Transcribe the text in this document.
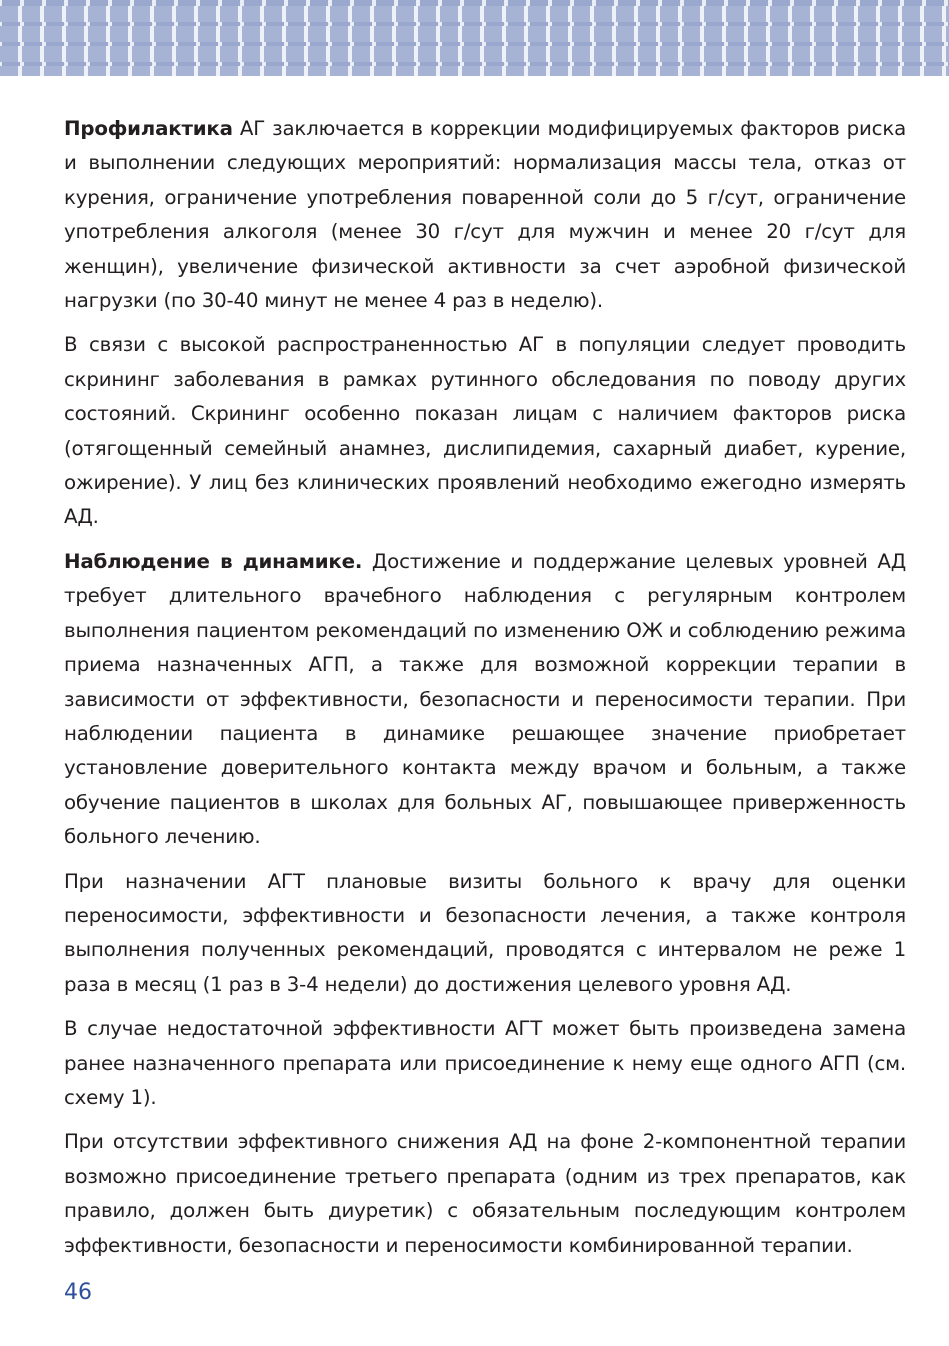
Профилактика АГ заключается в коррекции модифицируемых факторов риска и выполнении следующих мероприятий: нормализация массы тела, отказ от курения, ограничение употребления поваренной соли до 5 г/сут, ограничение употребления алкоголя (менее 30 г/сут для мужчин и менее 20 г/сут для женщин), увеличение физической активности за счет аэробной физической нагрузки (по 30-40 минут не менее 4 раз в неделю).

В связи с высокой распространенностью АГ в популяции следует проводить скрининг заболевания в рамках рутинного обследования по поводу других состояний. Скрининг особенно показан лицам с наличием факторов риска (отягощенный семейный анамнез, дислипидемия, сахарный диабет, курение, ожирение). У лиц без клинических проявлений необходимо ежегодно измерять АД.

Наблюдение в динамике. Достижение и поддержание целевых уровней АД требует длительного врачебного наблюдения с регулярным контролем выполнения пациентом рекомендаций по изменению ОЖ и соблюдению режима приема назначенных АГП, а также для возможной коррекции терапии в зависимости от эффективности, безопасности и переносимости терапии. При наблюдении пациента в динамике решающее значение приобретает установление доверительного контакта между врачом и больным, а также обучение пациентов в школах для больных АГ, повышающее приверженность больного лечению.

При назначении АГТ плановые визиты больного к врачу для оценки переносимости, эффективности и безопасности лечения, а также контроля выполнения полученных рекомендаций, проводятся с интервалом не реже 1 раза в месяц (1 раз в 3-4 недели) до достижения целевого уровня АД.

В случае недостаточной эффективности АГТ может быть произведена замена ранее назначенного препарата или присоединение к нему еще одного АГП (см. схему 1).

При отсутствии эффективного снижения АД на фоне 2-компонентной терапии возможно присоединение третьего препарата (одним из трех препаратов, как правило, должен быть диуретик) с обязательным последующим контролем эффективности, безопасности и переносимости комбинированной терапии.

46
